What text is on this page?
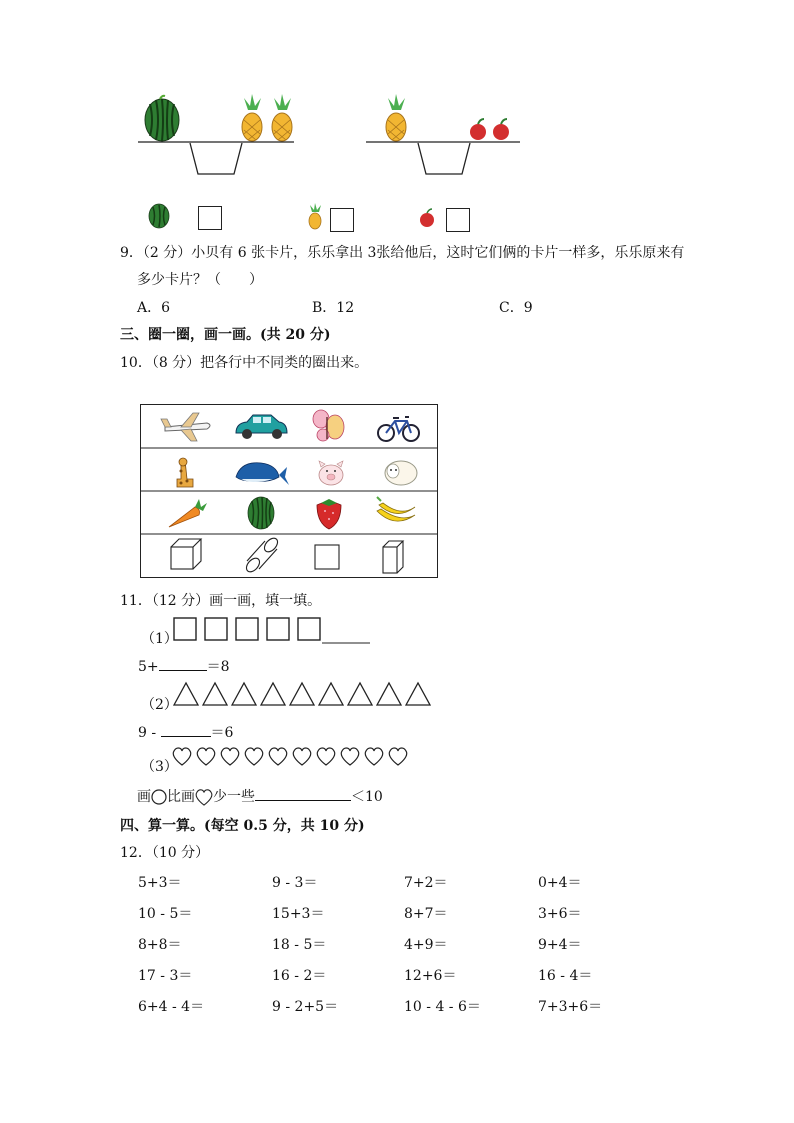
9．（2 分）小贝有 6 张卡片，乐乐拿出 3张给他后，这时它们俩的卡片一样多，乐乐原来有
多少卡片？（　　）
A．6	B．12	C．9
三、圈一圈，画一画。(共 20 分)
10．（8 分）把各行中不同类的圈出来。
11．（12 分）画一画，填一填。
（1）
5+	＝8
（2）
9 -	＝6
（3）
画 比画 少一些	＜10
四、算一算。(每空 0.5 分，共 10 分)
12．（10 分）
5+3＝	9 - 3＝	7+2＝	0+4＝
10 - 5＝	15+3＝	8+7＝	3+6＝
8+8＝	18 - 5＝	4+9＝	9+4＝
17 - 3＝	16 - 2＝	12+6＝	16 - 4＝
6+4 - 4＝	9 - 2+5＝	10 - 4 - 6＝	7+3+6＝
